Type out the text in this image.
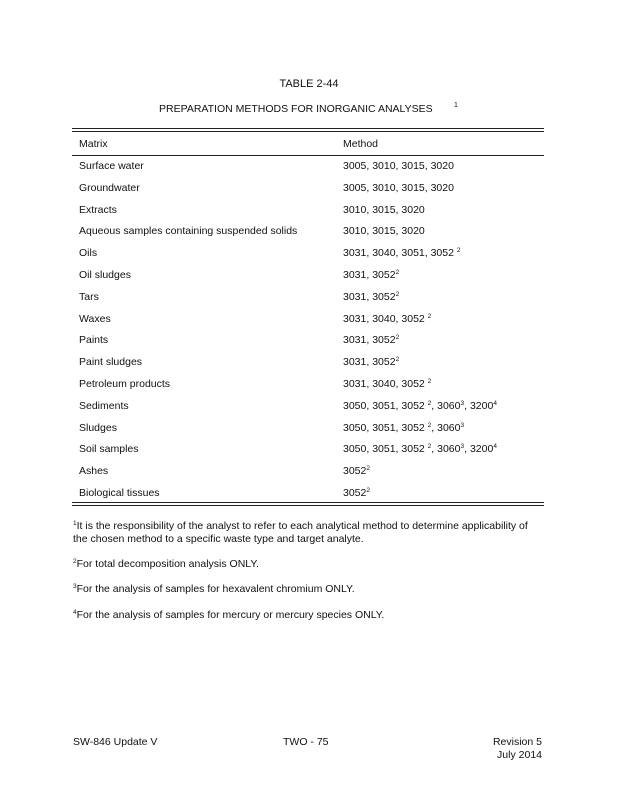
TABLE 2-44
PREPARATION METHODS FOR INORGANIC ANALYSES	1
Matrix	Method
Surface water	3005, 3010, 3015, 3020
Groundwater	3005, 3010, 3015, 3020
Extracts	3010, 3015, 3020
Aqueous samples containing suspended solids	3010, 3015, 3020
Oils	3031, 3040, 3051, 3052 $^2$
Oil sludges	3031, 3052$^2$
Tars	3031, 3052$^2$
Waxes	3031, 3040, 3052 $^2$
Paints	3031, 3052$^2$
Paint sludges	3031, 3052$^2$
Petroleum products	3031, 3040, 3052 $^2$
Sediments	3050, 3051, 3052 $^2$, 3060$^3$, 3200$^4$
Sludges	3050, 3051, 3052 $^2$, 3060$^3$
Soil samples	3050, 3051, 3052 $^2$, 3060$^3$, 3200$^4$
Ashes	3052$^2$
Biological tissues	3052$^2$
$^1$It is the responsibility of the analyst to refer to each analytical method to determine applicability of the chosen method to a specific waste type and target analyte.
$^2$For total decomposition analysis ONLY.
$^3$For the analysis of samples for hexavalent chromium ONLY.
$^4$For the analysis of samples for mercury or mercury species ONLY.
SW-846 Update V	TWO - 75	Revision 5
July 2014
